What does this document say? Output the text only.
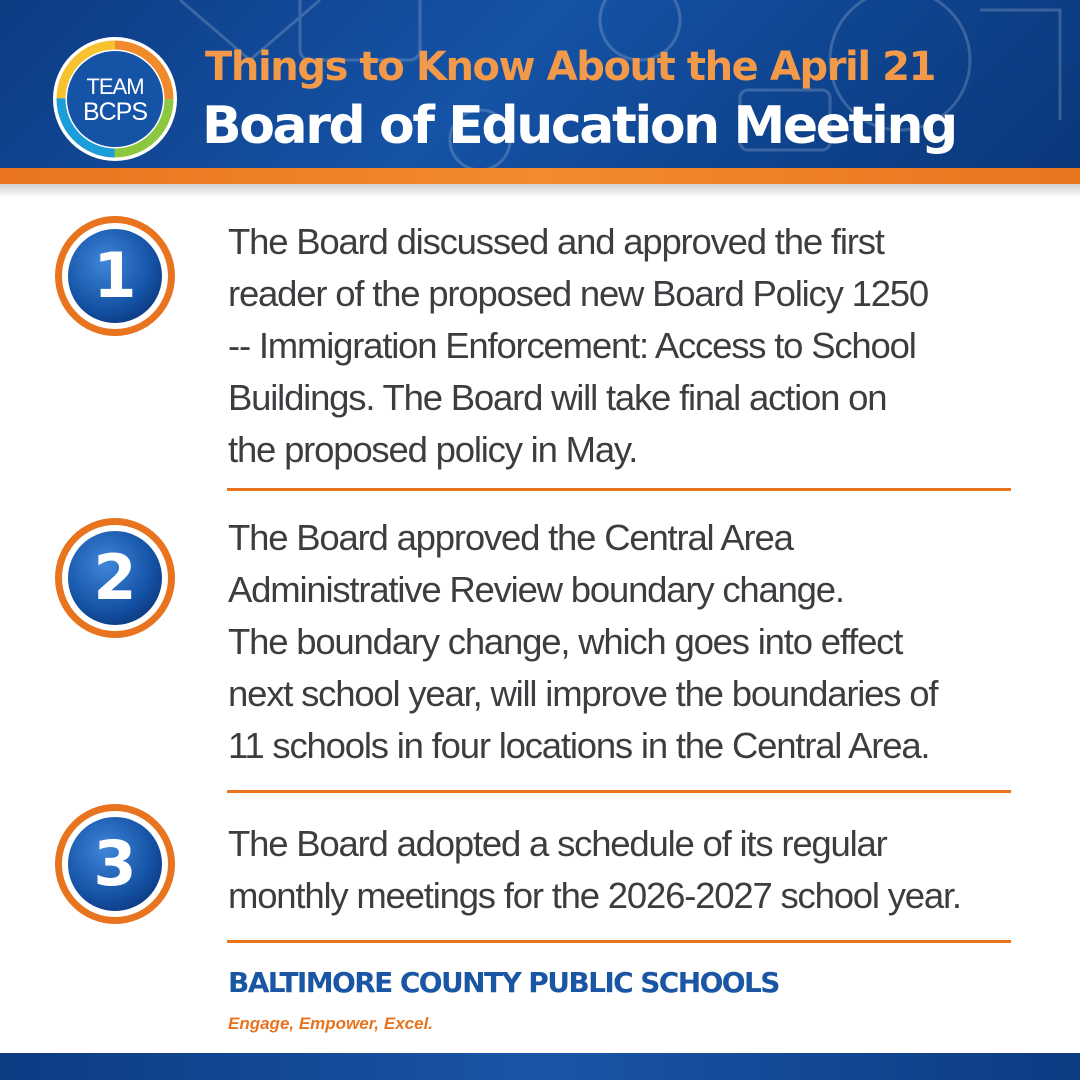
TEAM
BCPS
Things to Know About the April 21
Board of Education Meeting
1	The Board discussed and approved the first
reader of the proposed new Board Policy 1250
-- Immigration Enforcement: Access to School
Buildings. The Board will take final action on
the proposed policy in May.
2
The Board approved the Central Area
Administrative Review boundary change.
The boundary change, which goes into effect
next school year, will improve the boundaries of
11 schools in four locations in the Central Area.
3	The Board adopted a schedule of its regular
monthly meetings for the 2026-2027 school year.
BALTIMORE COUNTY PUBLIC SCHOOLS
Engage, Empower, Excel.
